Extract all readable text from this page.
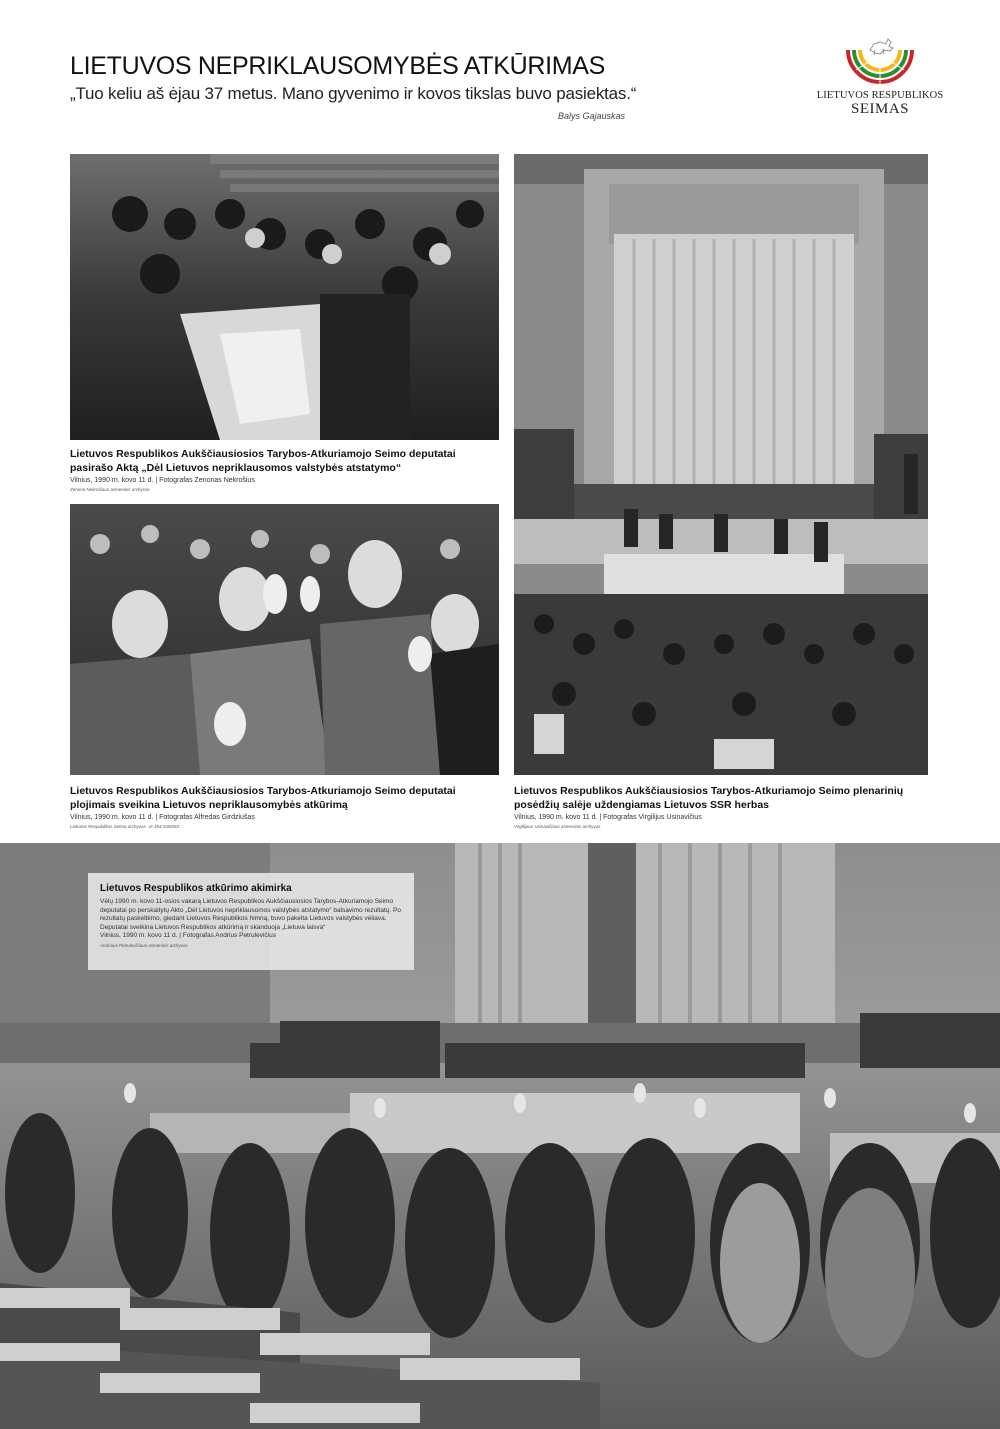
LIETUVOS NEPRIKLAUSOMYBĖS ATKŪRIMAS
„Tuo keliu aš ėjau 37 metus. Mano gyvenimo ir kovos tikslas buvo pasiektas.“
Balys Gajauskas
LIETUVOS RESPUBLIKOS
SEIMAS
Lietuvos Respublikos Aukščiausiosios Tarybos-Atkuriamojo Seimo deputatai pasirašo Aktą „Dėl Lietuvos nepriklausomos valstybės atstatymo“
Vilnius, 1990 m. kovo 11 d. | Fotografas Zenonas Nekrošius
Zenono Nekrošiaus asmeninis archyvas
Lietuvos Respublikos Aukščiausiosios Tarybos-Atkuriamojo Seimo deputatai plojimais sveikina Lietuvos nepriklausomybės atkūrimą
Vilnius, 1990 m. kovo 11 d. | Fotografas Alfredas Girdziušas
Lietuvos Respublikos Seimo archyvas. VI-184-G00283
Lietuvos Respublikos Aukščiausiosios Tarybos-Atkuriamojo Seimo plenarinių posėdžių salėje uždengiamas Lietuvos SSR herbas
Vilnius, 1990 m. kovo 11 d. | Fotografas Virgilijus Usinavičius
Virgilijaus Usinavičiaus asmeninis archyvas
Lietuvos Respublikos atkūrimo akimirka
Vėlų 1990 m. kovo 11-osios vakarą Lietuvos Respublikos Aukščiausiosios Tarybos-Atkuriamojo Seimo deputatai po perskaitytų Akto „Dėl Lietuvos nepriklausomos valstybės atstatymo“ balsavimo rezultatų. Po rezultatų paskelbimo, giedant Lietuvos Respublikos himną, buvo pakelta Lietuvos valstybės vėliava. Deputatai sveikina Lietuvos Respublikos atkūrimą ir skanduoja „Lietuva laisva“
Vilnius, 1990 m. kovo 11 d. | Fotografas Andrius Petrulevičius
Andriaus Petrulevičiaus asmeninis archyvas
